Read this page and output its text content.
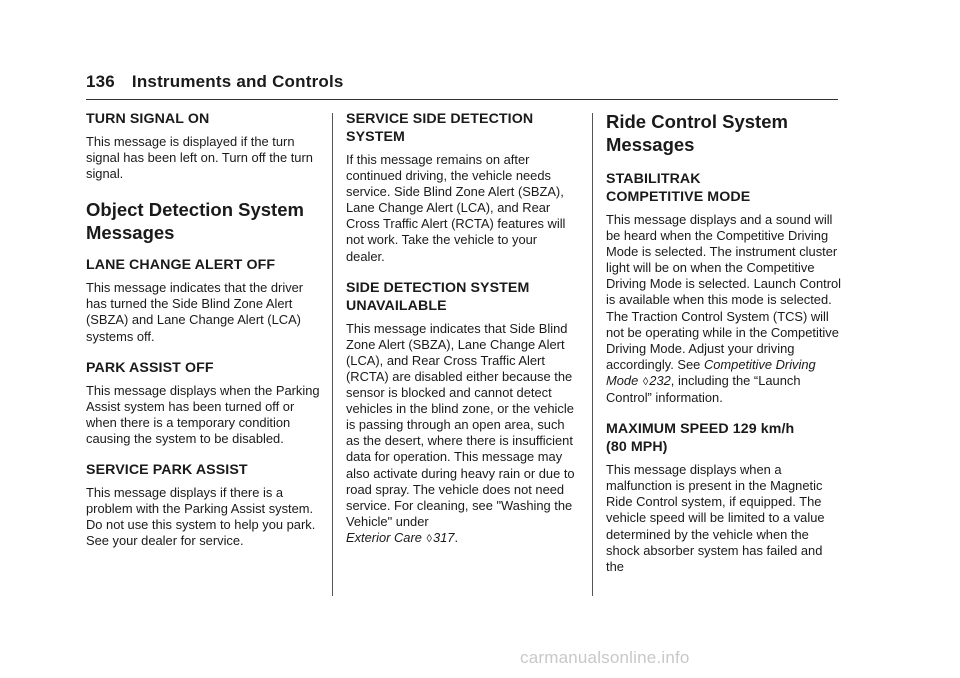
136 Instruments and Controls
TURN SIGNAL ON

This message is displayed if the turn signal has been left on. Turn off the turn signal.

Object Detection System
Messages
LANE CHANGE ALERT OFF

This message indicates that the driver has turned the Side Blind Zone Alert (SBZA) and Lane Change Alert (LCA) systems off.

PARK ASSIST OFF

This message displays when the Parking Assist system has been turned off or when there is a temporary condition causing the system to be disabled.

SERVICE PARK ASSIST

This message displays if there is a problem with the Parking Assist system. Do not use this system to help you park. See your dealer for service.

SERVICE SIDE DETECTION
SYSTEM

If this message remains on after continued driving, the vehicle needs service. Side Blind Zone Alert (SBZA), Lane Change Alert (LCA), and Rear Cross Traffic Alert (RCTA) features will not work. Take the vehicle to your dealer.

SIDE DETECTION SYSTEM
UNAVAILABLE

This message indicates that Side Blind Zone Alert (SBZA), Lane Change Alert (LCA), and Rear Cross Traffic Alert (RCTA) are disabled either because the sensor is blocked and cannot detect vehicles in the blind zone, or the vehicle is passing through an open area, such as the desert, where there is insufficient data for operation. This message may also activate during heavy rain or due to road spray. The vehicle does not need service. For cleaning, see "Washing the Vehicle" under
Exterior Care ◊317.

Ride Control System
Messages
STABILITRAK
COMPETITIVE MODE

This message displays and a sound will be heard when the Competitive Driving Mode is selected. The instrument cluster light will be on when the Competitive Driving Mode is selected. Launch Control is available when this mode is selected. The Traction Control System (TCS) will not be operating while in the Competitive Driving Mode. Adjust your driving accordingly. See Competitive Driving Mode ◊232, including the “Launch Control” information.

MAXIMUM SPEED 129 km/h
(80 MPH)

This message displays when a malfunction is present in the Magnetic Ride Control system, if equipped. The vehicle speed will be limited to a value determined by the vehicle when the shock absorber system has failed and the

carmanualsonline.info
